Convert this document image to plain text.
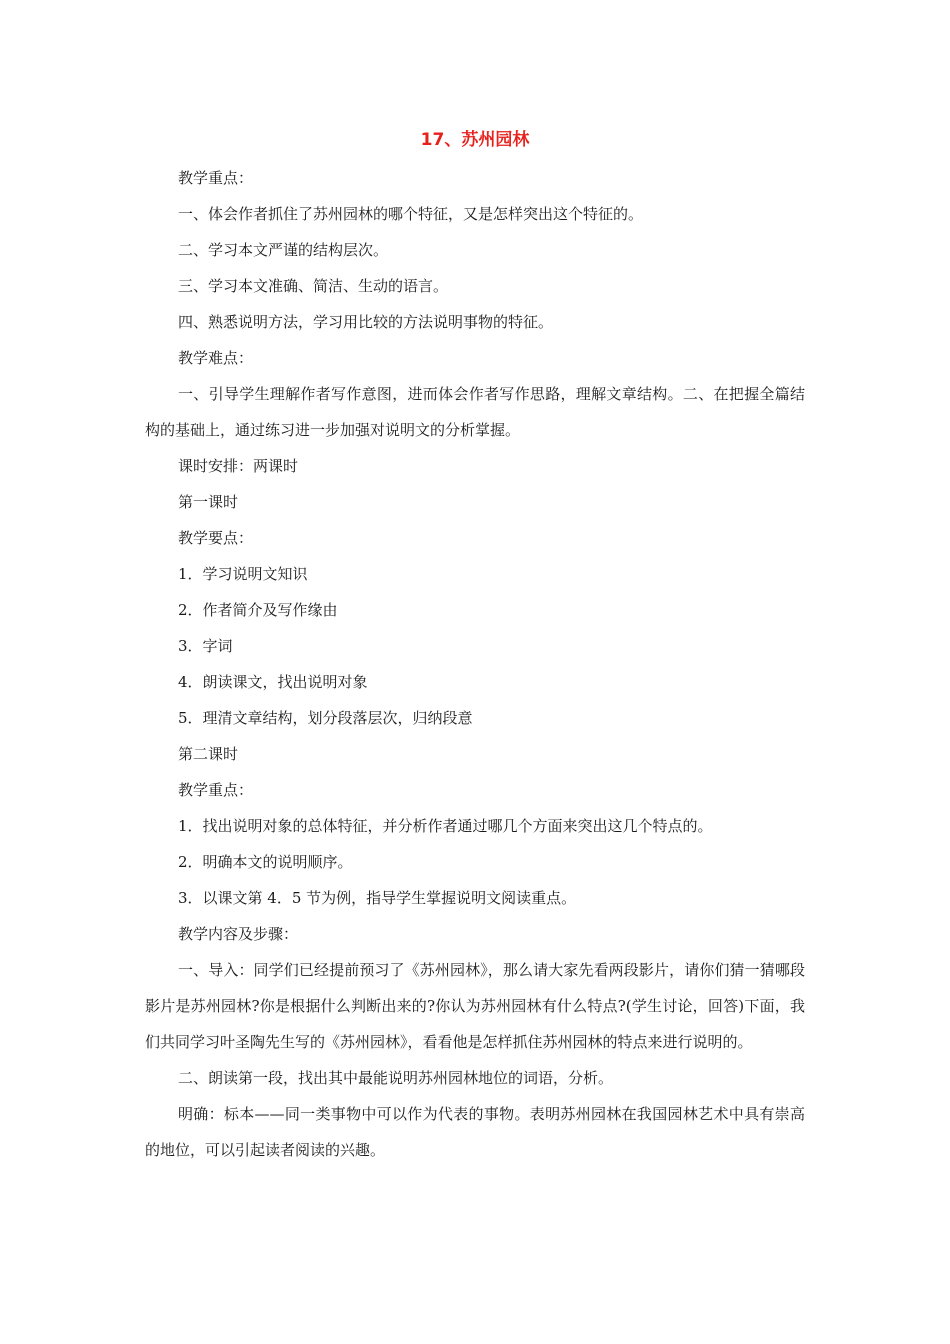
17、苏州园林

教学重点：

一、体会作者抓住了苏州园林的哪个特征，又是怎样突出这个特征的。

二、学习本文严谨的结构层次。

三、学习本文准确、简洁、生动的语言。

四、熟悉说明方法，学习用比较的方法说明事物的特征。

教学难点：

一、引导学生理解作者写作意图，进而体会作者写作思路，理解文章结构。二、在把握全篇结构的基础上，通过练习进一步加强对说明文的分析掌握。

课时安排：两课时

第一课时

教学要点：

1．学习说明文知识

2．作者简介及写作缘由

3．字词

4．朗读课文，找出说明对象

5．理清文章结构，划分段落层次，归纳段意

第二课时

教学重点：

1．找出说明对象的总体特征，并分析作者通过哪几个方面来突出这几个特点的。

2．明确本文的说明顺序。

3．以课文第 4．5 节为例，指导学生掌握说明文阅读重点。

教学内容及步骤：

一、导入：同学们已经提前预习了《苏州园林》，那么请大家先看两段影片，请你们猜一猜哪段影片是苏州园林?你是根据什么判断出来的?你认为苏州园林有什么特点?(学生讨论，回答)下面，我们共同学习叶圣陶先生写的《苏州园林》，看看他是怎样抓住苏州园林的特点来进行说明的。

二、朗读第一段，找出其中最能说明苏州园林地位的词语，分析。

明确：标本——同一类事物中可以作为代表的事物。表明苏州园林在我国园林艺术中具有崇高的地位，可以引起读者阅读的兴趣。
